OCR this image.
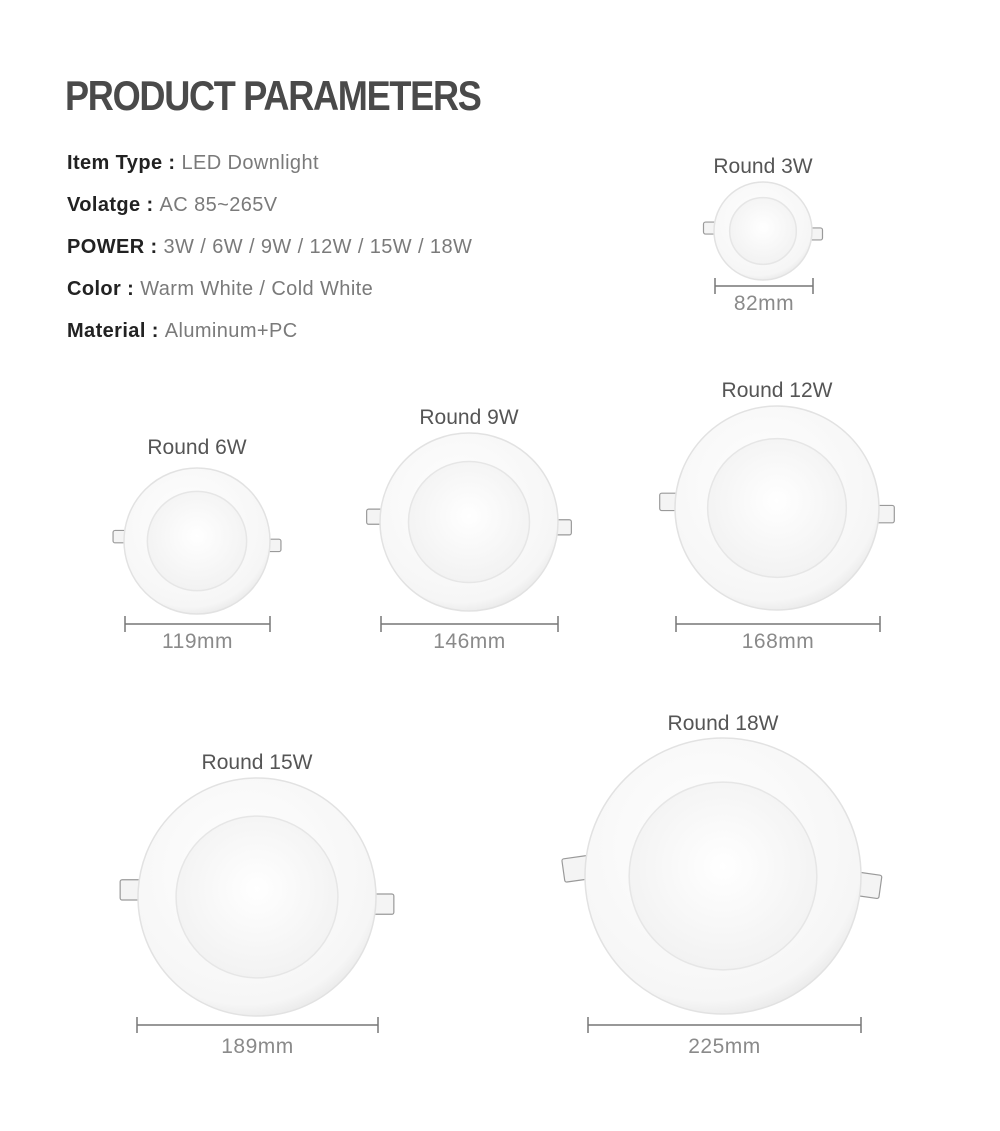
PRODUCT PARAMETERS
Item Type : LED Downlight
Volatge : AC 85~265V
POWER : 3W / 6W / 9W / 12W / 15W / 18W
Color : Warm White / Cold White
Material : Aluminum+PC
Round 3W
82mm
Round 6W
119mm
Round 9W
146mm
Round 12W
168mm
Round 15W
189mm
Round 18W
225mm
